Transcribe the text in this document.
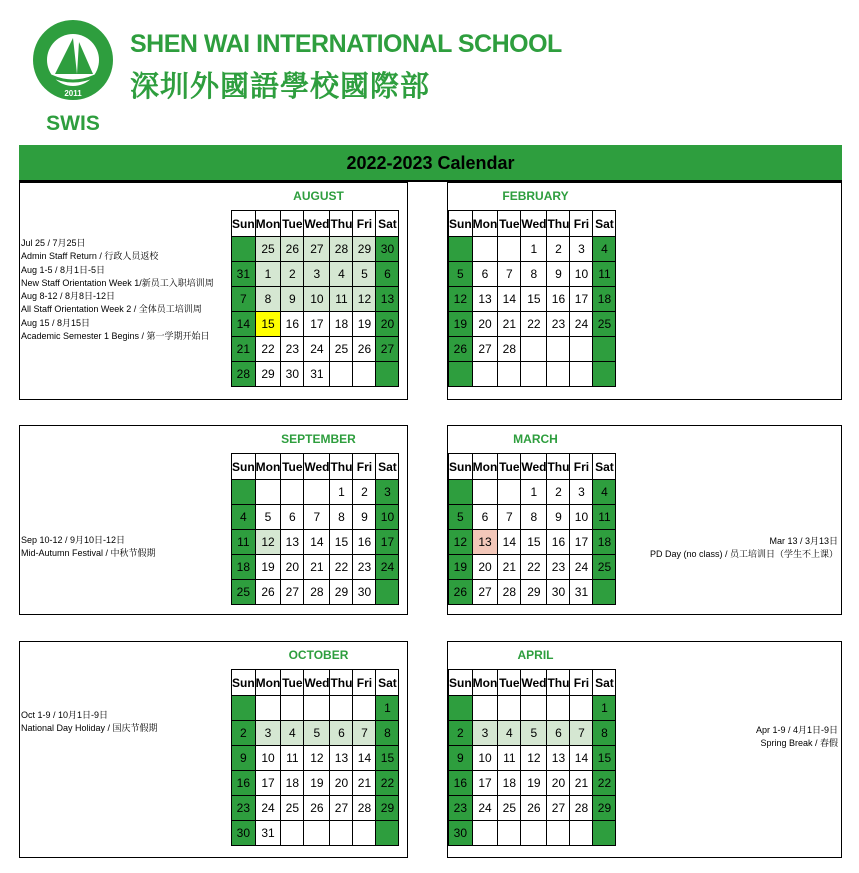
2011
SWIS
SHEN WAI INTERNATIONAL SCHOOL
深圳外國語學校國際部
2022-2023 Calendar
AUGUST	FEBRUARY
SEPTEMBER	MARCH
OCTOBER	APRIL
Sun	Mon	Tue	Wed	Thu	Fri	Sat
	25	26	27	28	29	30
31	1	2	3	4	5	6
7	8	9	10	11	12	13
14	15	16	17	18	19	20
21	22	23	24	25	26	27
28	29	30	31			
Sun	Mon	Tue	Wed	Thu	Fri	Sat
			1	2	3	4
5	6	7	8	9	10	11
12	13	14	15	16	17	18
19	20	21	22	23	24	25
26	27	28				

Sun	Mon	Tue	Wed	Thu	Fri	Sat
				1	2	3
4	5	6	7	8	9	10
11	12	13	14	15	16	17
18	19	20	21	22	23	24
25	26	27	28	29	30	
Sun	Mon	Tue	Wed	Thu	Fri	Sat
			1	2	3	4
5	6	7	8	9	10	11
12	13	14	15	16	17	18
19	20	21	22	23	24	25
26	27	28	29	30	31	
Sun	Mon	Tue	Wed	Thu	Fri	Sat
						1
2	3	4	5	6	7	8
9	10	11	12	13	14	15
16	17	18	19	20	21	22
23	24	25	26	27	28	29
30	31					
Sun	Mon	Tue	Wed	Thu	Fri	Sat
						1
2	3	4	5	6	7	8
9	10	11	12	13	14	15
16	17	18	19	20	21	22
23	24	25	26	27	28	29
30						
Jul 25 / 7月25日
Admin Staff Return / 行政人员返校
Aug 1-5 / 8月1日-5日
New Staff Orientation Week 1/新员工入职培训周
Aug 8-12 / 8月8日-12日
All Staff Orientation Week 2 / 全体员工培训周
Aug 15 / 8月15日
Academic Semester 1 Begins / 第一学期开始日
Sep 10-12 / 9月10日-12日
Mid-Autumn Festival / 中秋节假期
Mar 13 / 3月13日
PD Day (no class) / 员工培训日（学生不上课）
Oct 1-9 / 10月1日-9日
National Day Holiday / 国庆节假期	Apr 1-9 / 4月1日-9日
Spring Break / 春假
